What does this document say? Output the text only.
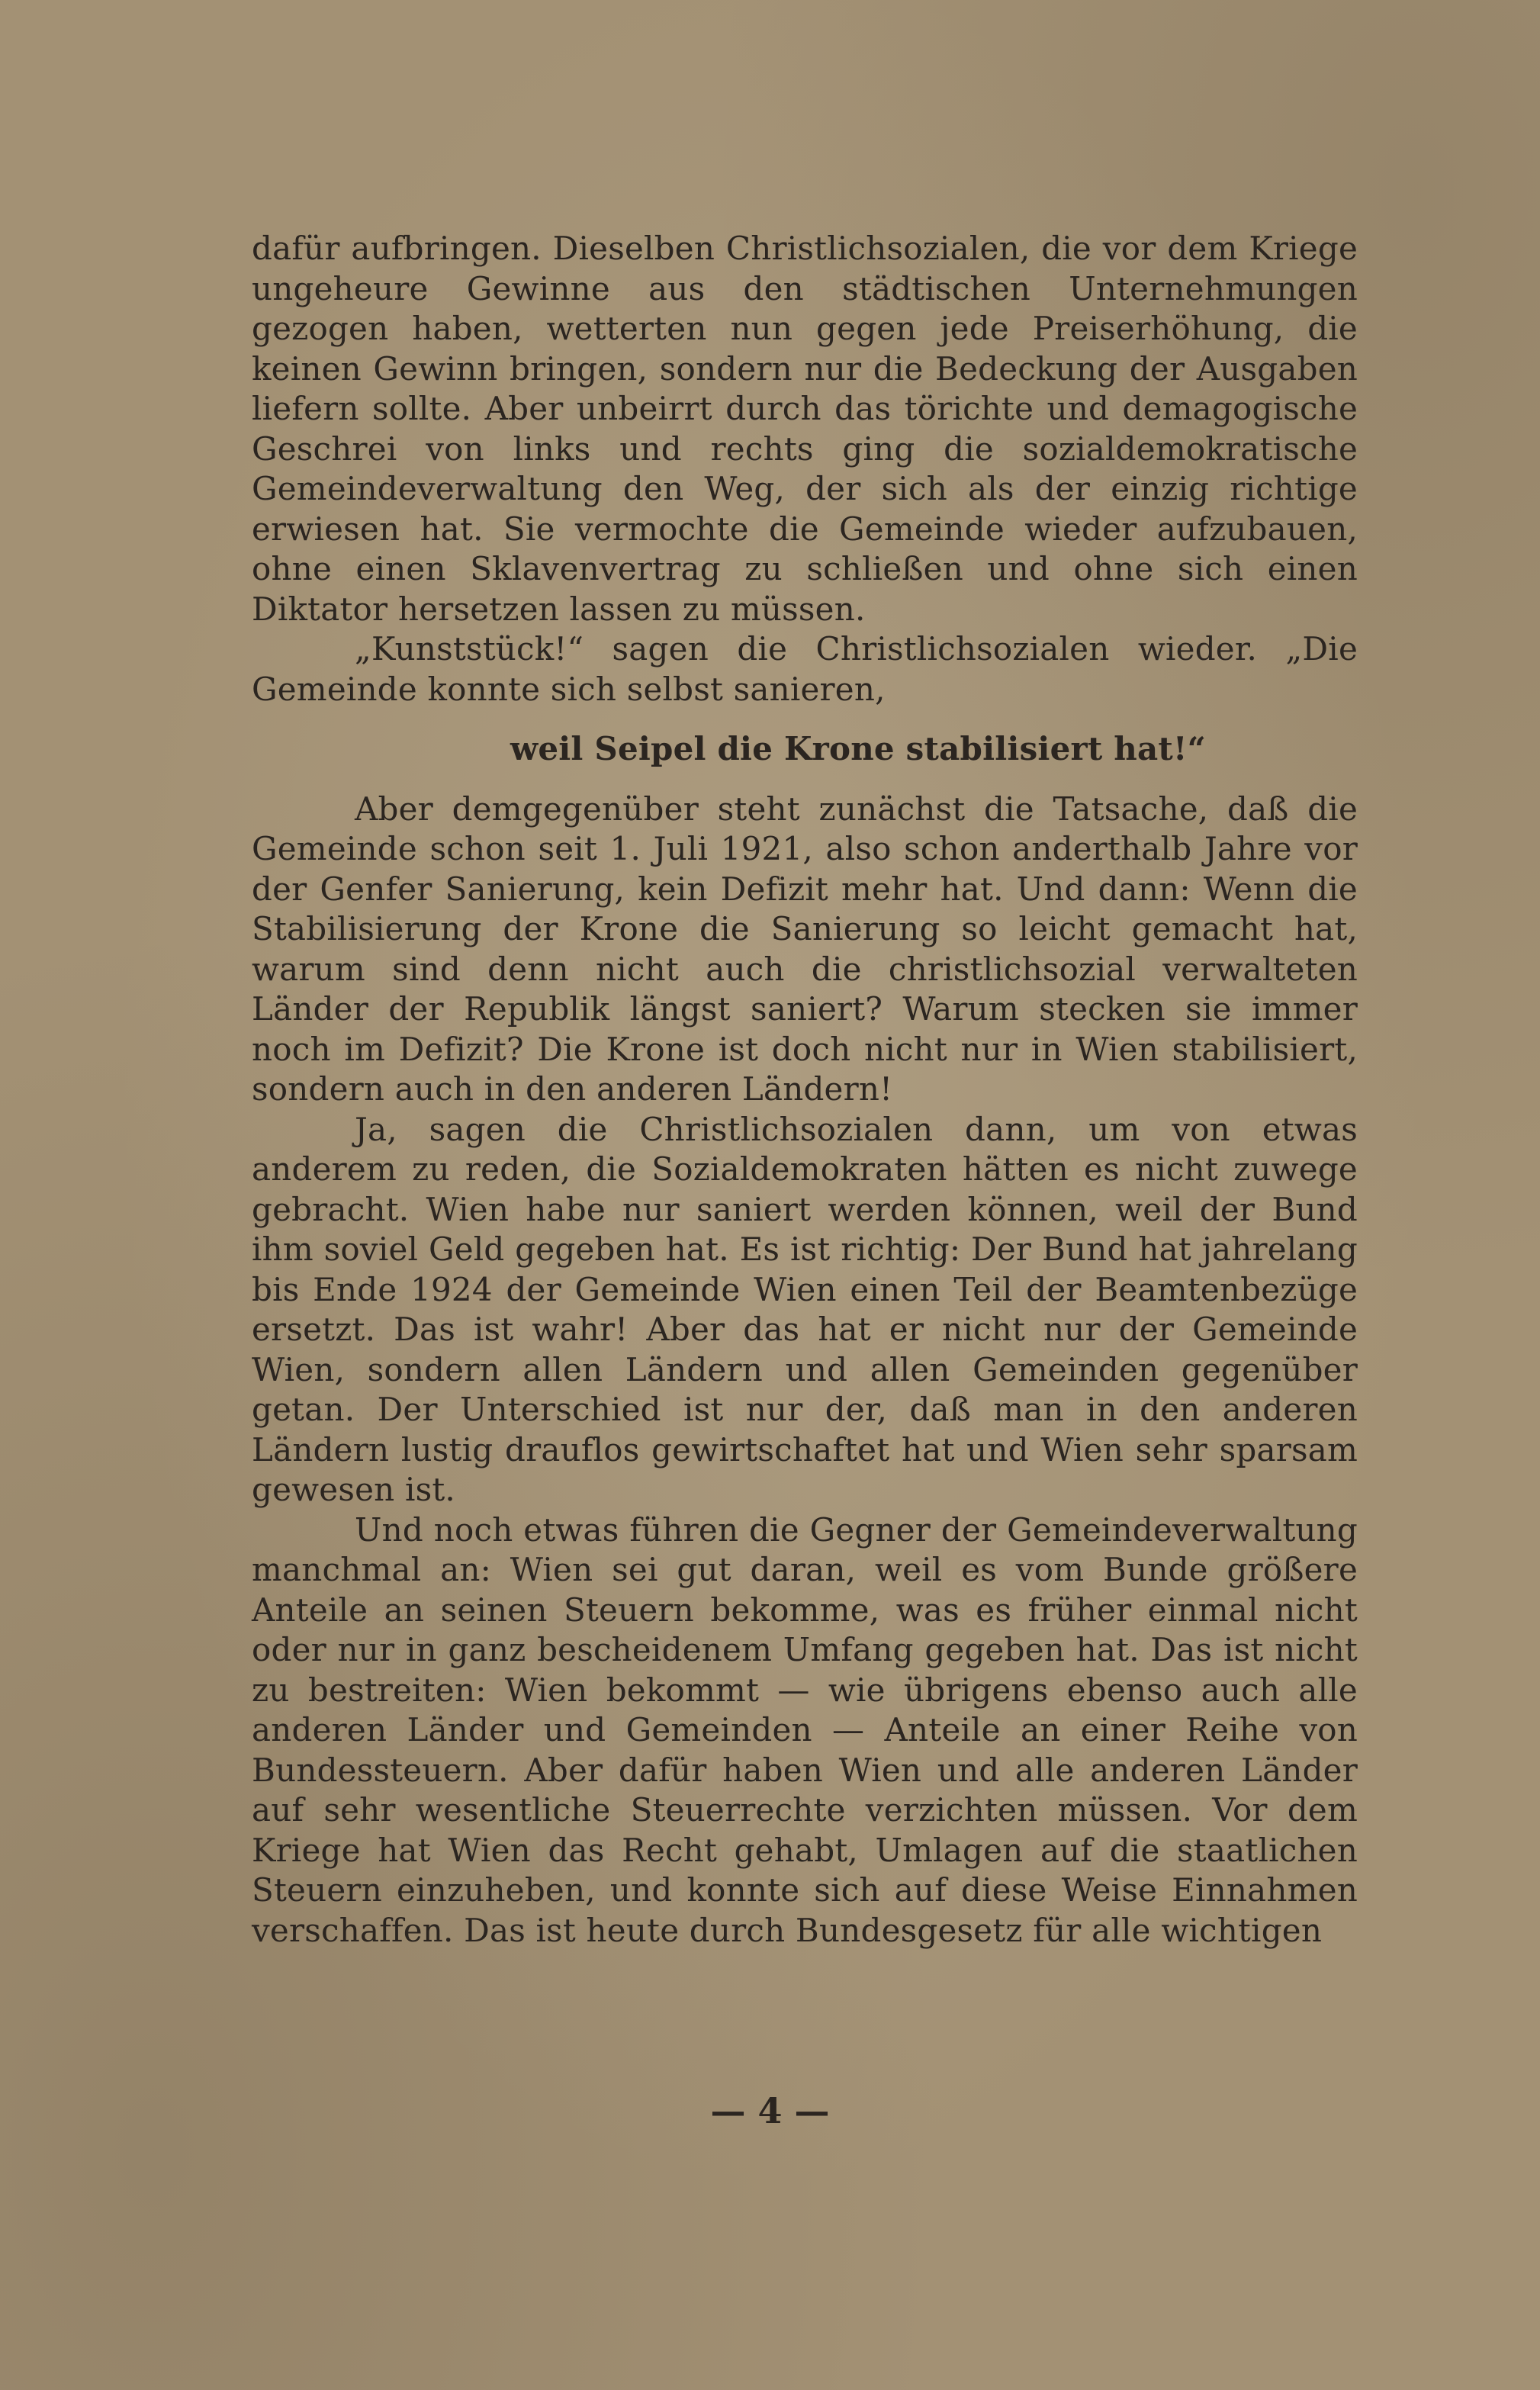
dafür aufbringen. Dieselben Christlichsozialen, die vor dem Kriege ungeheure Gewinne aus den städtischen Unternehmungen gezogen haben, wetterten nun gegen jede Preiserhöhung, die keinen Gewinn bringen, sondern nur die Bedeckung der Ausgaben liefern sollte. Aber unbeirrt durch das törichte und demagogische Geschrei von links und rechts ging die sozialdemokratische Gemeindeverwaltung den Weg, der sich als der einzig richtige erwiesen hat. Sie vermochte die Gemeinde wieder aufzubauen, ohne einen Sklavenvertrag zu schließen und ohne sich einen Diktator hersetzen lassen zu müssen.

„Kunststück!“ sagen die Christlichsozialen wieder. „Die Gemeinde konnte sich selbst sanieren,

weil Seipel die Krone stabilisiert hat!“

Aber demgegenüber steht zunächst die Tatsache, daß die Gemeinde schon seit 1. Juli 1921, also schon anderthalb Jahre vor der Genfer Sanierung, kein Defizit mehr hat. Und dann: Wenn die Stabilisierung der Krone die Sanierung so leicht gemacht hat, warum sind denn nicht auch die christlichsozial verwalteten Länder der Republik längst saniert? Warum stecken sie immer noch im Defizit? Die Krone ist doch nicht nur in Wien stabilisiert, sondern auch in den anderen Ländern!

Ja, sagen die Christlichsozialen dann, um von etwas anderem zu reden, die Sozialdemokraten hätten es nicht zuwege gebracht. Wien habe nur saniert werden können, weil der Bund ihm soviel Geld gegeben hat. Es ist richtig: Der Bund hat jahrelang bis Ende 1924 der Gemeinde Wien einen Teil der Beamtenbezüge ersetzt. Das ist wahr! Aber das hat er nicht nur der Gemeinde Wien, sondern allen Ländern und allen Gemeinden gegenüber getan. Der Unterschied ist nur der, daß man in den anderen Ländern lustig drauflos gewirtschaftet hat und Wien sehr sparsam gewesen ist.

Und noch etwas führen die Gegner der Gemeindeverwaltung manchmal an: Wien sei gut daran, weil es vom Bunde größere Anteile an seinen Steuern bekomme, was es früher einmal nicht oder nur in ganz bescheidenem Umfang gegeben hat. Das ist nicht zu bestreiten: Wien bekommt — wie übrigens ebenso auch alle anderen Länder und Gemeinden — Anteile an einer Reihe von Bundessteuern. Aber dafür haben Wien und alle anderen Länder auf sehr wesentliche Steuerrechte verzichten müssen. Vor dem Kriege hat Wien das Recht gehabt, Umlagen auf die staatlichen Steuern einzuheben, und konnte sich auf diese Weise Einnahmen verschaffen. Das ist heute durch Bundesgesetz für alle wichtigen

— 4 —
